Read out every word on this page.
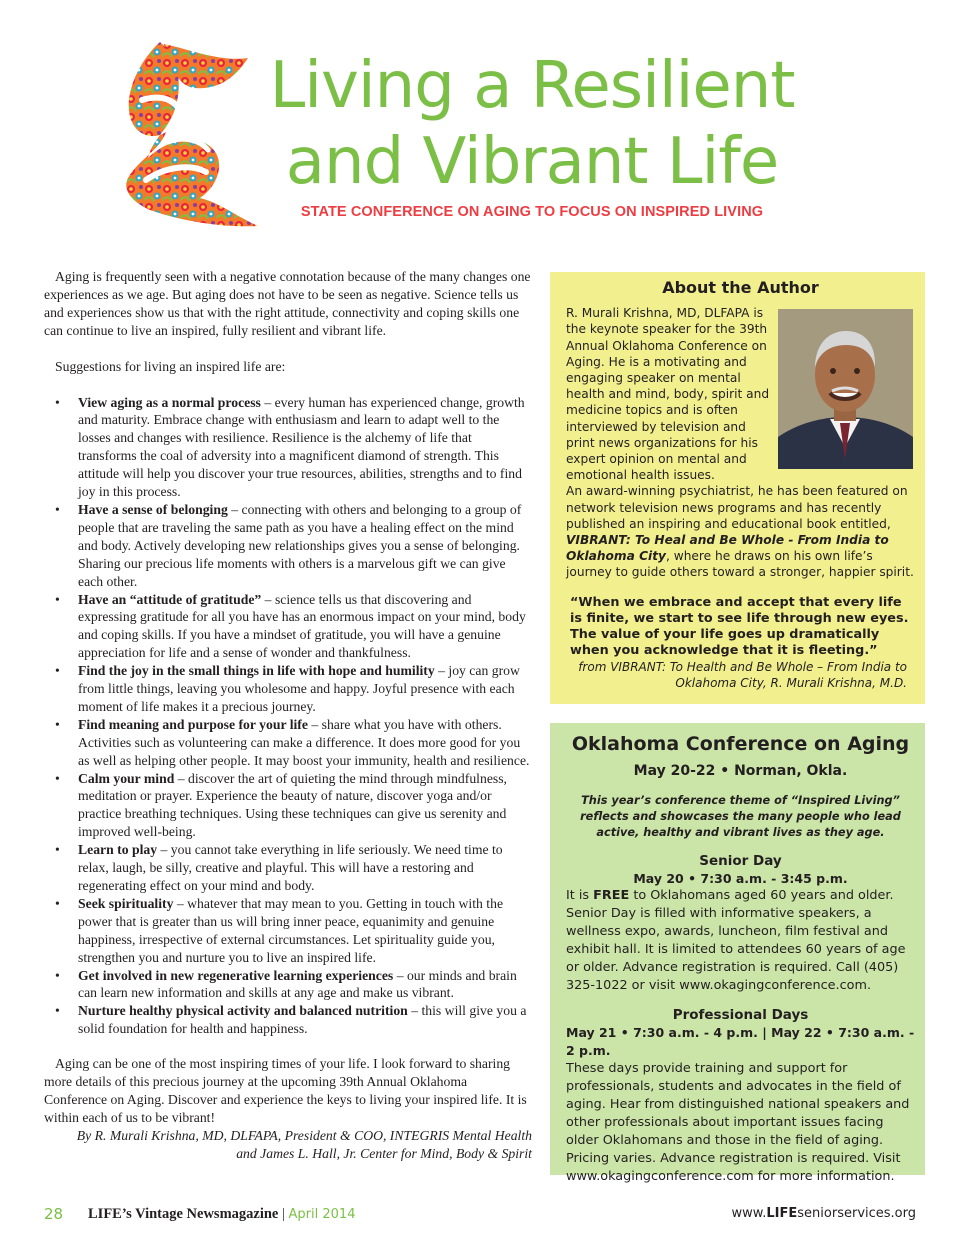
Living a Resilient
and Vibrant Life
STATE CONFERENCE ON AGING TO FOCUS ON INSPIRED LIVING

Aging is frequently seen with a negative connotation because of the many changes one experiences as we age. But aging does not have to be seen as negative. Science tells us and experiences show us that with the right attitude, connectivity and coping skills one can continue to live an inspired, fully resilient and vibrant life.

Suggestions for living an inspired life are:

• View aging as a normal process – every human has experienced change, growth and maturity. Embrace change with enthusiasm and learn to adapt well to the losses and changes with resilience. Resilience is the alchemy of life that transforms the coal of adversity into a magnificent diamond of strength. This attitude will help you discover your true resources, abilities, strengths and to find joy in this process.
• Have a sense of belonging – connecting with others and belonging to a group of people that are traveling the same path as you have a healing effect on the mind and body. Actively developing new relationships gives you a sense of belonging. Sharing our precious life moments with others is a marvelous gift we can give each other.
• Have an “attitude of gratitude” – science tells us that discovering and expressing gratitude for all you have has an enormous impact on your mind, body and coping skills. If you have a mindset of gratitude, you will have a genuine appreciation for life and a sense of wonder and thankfulness.
• Find the joy in the small things in life with hope and humility – joy can grow from little things, leaving you wholesome and happy. Joyful presence with each moment of life makes it a precious journey.
• Find meaning and purpose for your life – share what you have with others. Activities such as volunteering can make a difference. It does more good for you as well as helping other people. It may boost your immunity, health and resilience.
• Calm your mind – discover the art of quieting the mind through mindfulness, meditation or prayer. Experience the beauty of nature, discover yoga and/or practice breathing techniques. Using these techniques can give us serenity and improved well-being.
• Learn to play – you cannot take everything in life seriously. We need time to relax, laugh, be silly, creative and playful. This will have a restoring and regenerating effect on your mind and body.
• Seek spirituality – whatever that may mean to you. Getting in touch with the power that is greater than us will bring inner peace, equanimity and genuine happiness, irrespective of external circumstances. Let spirituality guide you, strengthen you and nurture you to live an inspired life.
• Get involved in new regenerative learning experiences – our minds and brain can learn new information and skills at any age and make us vibrant.
• Nurture healthy physical activity and balanced nutrition – this will give you a solid foundation for health and happiness.

Aging can be one of the most inspiring times of your life. I look forward to sharing more details of this precious journey at the upcoming 39th Annual Oklahoma Conference on Aging. Discover and experience the keys to living your inspired life. It is within each of us to be vibrant!

By R. Murali Krishna, MD, DLFAPA, President & COO, INTEGRIS Mental Health
and James L. Hall, Jr. Center for Mind, Body & Spirit
About the Author

R. Murali Krishna, MD, DLFAPA is the keynote speaker for the 39th Annual Oklahoma Conference on Aging. He is a motivating and engaging speaker on mental health and mind, body, spirit and medicine topics and is often interviewed by television and print news organizations for his expert opinion on mental and emotional health issues.

An award-winning psychiatrist, he has been featured on network television news programs and has recently published an inspiring and educational book entitled, VIBRANT: To Heal and Be Whole - From India to Oklahoma City, where he draws on his own life’s journey to guide others toward a stronger, happier spirit.

“When we embrace and accept that every life is finite, we start to see life through new eyes. The value of your life goes up dramatically when you acknowledge that it is fleeting.”

from VIBRANT: To Health and Be Whole – From India to

Oklahoma City, R. Murali Krishna, M.D.

Oklahoma Conference on Aging
May 20-22 • Norman, Okla.
This year’s conference theme of “Inspired Living” reflects and showcases the many people who lead active, healthy and vibrant lives as they age.
Senior Day
May 20 • 7:30 a.m. - 3:45 p.m.

It is FREE to Oklahomans aged 60 years and older. Senior Day is filled with informative speakers, a wellness expo, awards, luncheon, film festival and exhibit hall. It is limited to attendees 60 years of age or older. Advance registration is required. Call (405) 325-1022 or visit www.okagingconference.com.

Professional Days
May 21 • 7:30 a.m. - 4 p.m. | May 22 • 7:30 a.m. - 2 p.m.

These days provide training and support for professionals, students and advocates in the field of aging. Hear from distinguished national speakers and other professionals about important issues facing older Oklahomans and those in the field of aging. Pricing varies. Advance registration is required. Visit www.okagingconference.com for more information.

28 LIFE’s Vintage Newsmagazine | April 2014	www.LIFEseniorservices.org
